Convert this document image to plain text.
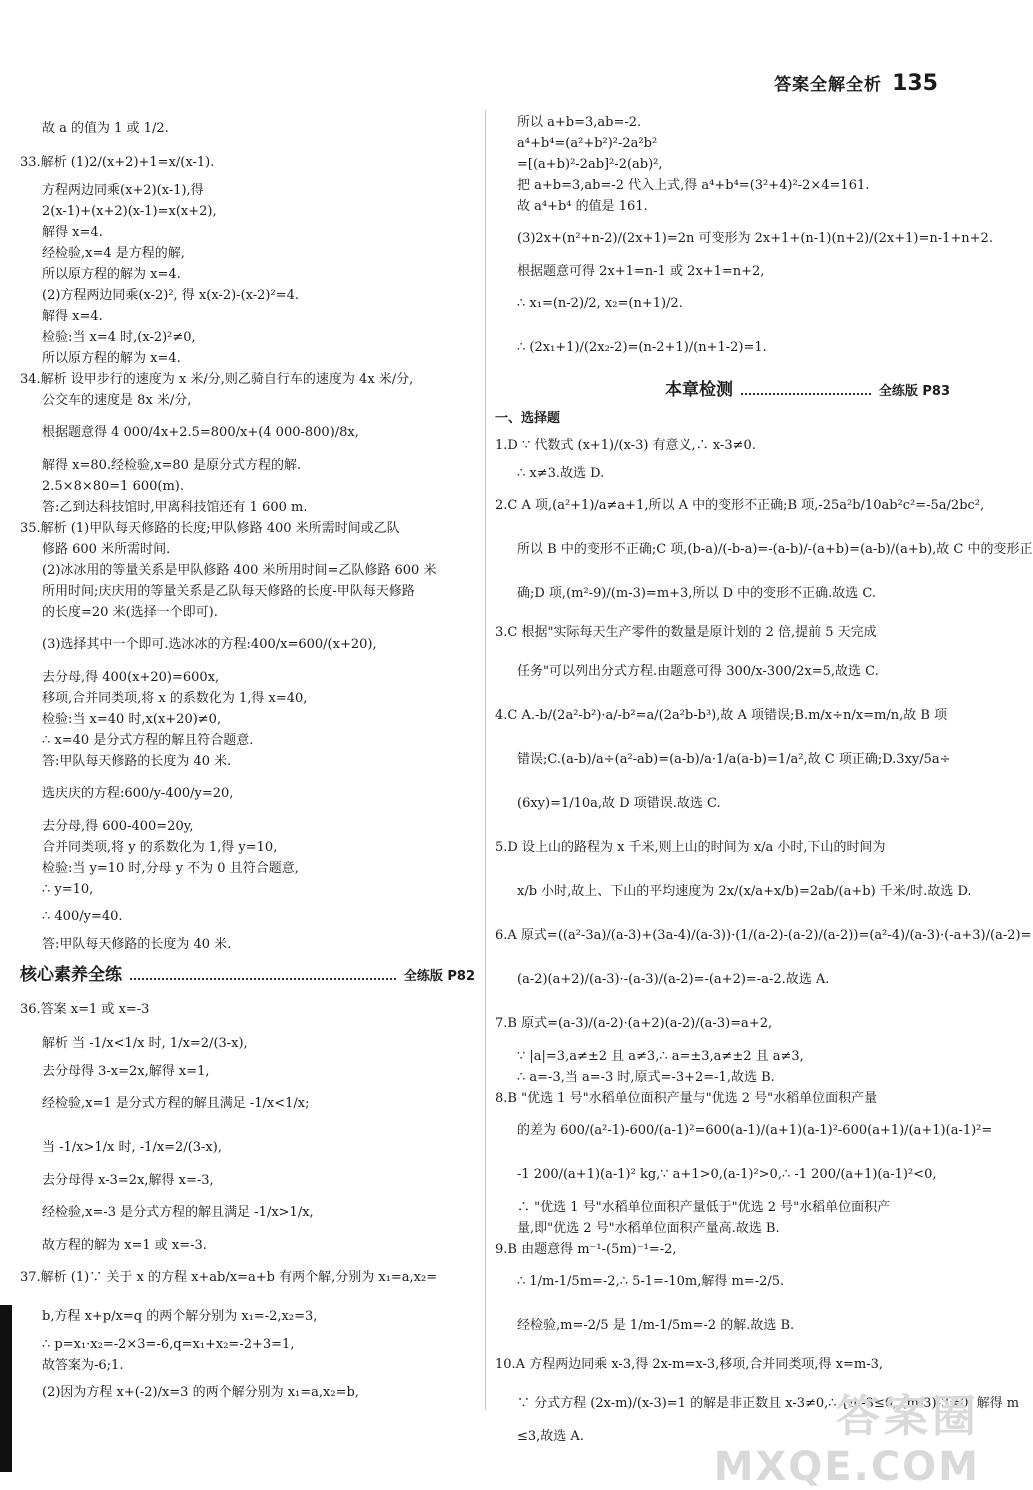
答案全解全析 135
故 a 的值为 1 或 1/2.
33.解析 (1)2/(x+2)+1=x/(x-1).
方程两边同乘(x+2)(x-1),得
2(x-1)+(x+2)(x-1)=x(x+2),
解得 x=4.
经检验,x=4 是方程的解,
所以原方程的解为 x=4.
(2)方程两边同乘(x-2)², 得 x(x-2)-(x-2)²=4.
解得 x=4.
检验:当 x=4 时,(x-2)²≠0,
所以原方程的解为 x=4.
34.解析 设甲步行的速度为 x 米/分,则乙骑自行车的速度为 4x 米/分,
公交车的速度是 8x 米/分,
根据题意得 4 000/4x+2.5=800/x+(4 000-800)/8x,
解得 x=80.经检验,x=80 是原分式方程的解.
2.5×8×80=1 600(m).
答:乙到达科技馆时,甲离科技馆还有 1 600 m.
35.解析 (1)甲队每天修路的长度;甲队修路 400 米所需时间或乙队
修路 600 米所需时间.
(2)冰冰用的等量关系是甲队修路 400 米所用时间=乙队修路 600 米
所用时间;庆庆用的等量关系是乙队每天修路的长度-甲队每天修路
的长度=20 米(选择一个即可).
(3)选择其中一个即可.选冰冰的方程:400/x=600/(x+20),
去分母,得 400(x+20)=600x,
移项,合并同类项,将 x 的系数化为 1,得 x=40,
检验:当 x=40 时,x(x+20)≠0,
∴ x=40 是分式方程的解且符合题意.
答:甲队每天修路的长度为 40 米.
选庆庆的方程:600/y-400/y=20,
去分母,得 600-400=20y,
合并同类项,将 y 的系数化为 1,得 y=10,
检验:当 y=10 时,分母 y 不为 0 且符合题意,
∴ y=10,
∴ 400/y=40.
答:甲队每天修路的长度为 40 米.
核心素养全练	全练版 P82
36.答案 x=1 或 x=-3
解析 当 -1/x<1/x 时, 1/x=2/(3-x),
去分母得 3-x=2x,解得 x=1,
经检验,x=1 是分式方程的解且满足 -1/x<1/x;
当 -1/x>1/x 时, -1/x=2/(3-x),
去分母得 x-3=2x,解得 x=-3,
经检验,x=-3 是分式方程的解且满足 -1/x>1/x,
故方程的解为 x=1 或 x=-3.
37.解析 (1)∵ 关于 x 的方程 x+ab/x=a+b 有两个解,分别为 x₁=a,x₂=
b,方程 x+p/x=q 的两个解分别为 x₁=-2,x₂=3,
∴ p=x₁·x₂=-2×3=-6,q=x₁+x₂=-2+3=1,
故答案为-6;1.
(2)因为方程 x+(-2)/x=3 的两个解分别为 x₁=a,x₂=b,
所以 a+b=3,ab=-2.
a⁴+b⁴=(a²+b²)²-2a²b²
=[(a+b)²-2ab]²-2(ab)²,
把 a+b=3,ab=-2 代入上式,得 a⁴+b⁴=(3²+4)²-2×4=161.
故 a⁴+b⁴ 的值是 161.
(3)2x+(n²+n-2)/(2x+1)=2n 可变形为 2x+1+(n-1)(n+2)/(2x+1)=n-1+n+2.
根据题意可得 2x+1=n-1 或 2x+1=n+2,
∴ x₁=(n-2)/2, x₂=(n+1)/2.
∴ (2x₁+1)/(2x₂-2)=(n-2+1)/(n+1-2)=1.
本章检测	全练版 P83
一、选择题
1.D ∵ 代数式 (x+1)/(x-3) 有意义,∴ x-3≠0.
∴ x≠3.故选 D.
2.C A 项,(a²+1)/a≠a+1,所以 A 中的变形不正确;B 项,-25a²b/10ab²c²=-5a/2bc²,
所以 B 中的变形不正确;C 项,(b-a)/(-b-a)=-(a-b)/-(a+b)=(a-b)/(a+b),故 C 中的变形正
确;D 项,(m²-9)/(m-3)=m+3,所以 D 中的变形不正确.故选 C.
3.C 根据"实际每天生产零件的数量是原计划的 2 倍,提前 5 天完成
任务"可以列出分式方程.由题意可得 300/x-300/2x=5,故选 C.
4.C A.-b/(2a²-b²)·a/-b²=a/(2a²b-b³),故 A 项错误;B.m/x÷n/x=m/n,故 B 项
错误;C.(a-b)/a÷(a²-ab)=(a-b)/a·1/a(a-b)=1/a²,故 C 项正确;D.3xy/5a÷
(6xy)=1/10a,故 D 项错误.故选 C.
5.D 设上山的路程为 x 千米,则上山的时间为 x/a 小时,下山的时间为
x/b 小时,故上、下山的平均速度为 2x/(x/a+x/b)=2ab/(a+b) 千米/时.故选 D.
6.A 原式=((a²-3a)/(a-3)+(3a-4)/(a-3))·(1/(a-2)-(a-2)/(a-2))=(a²-4)/(a-3)·(-a+3)/(a-2)=
(a-2)(a+2)/(a-3)·-(a-3)/(a-2)=-(a+2)=-a-2.故选 A.
7.B 原式=(a-3)/(a-2)·(a+2)(a-2)/(a-3)=a+2,
∵ |a|=3,a≠±2 且 a≠3,∴ a=±3,a≠±2 且 a≠3,
∴ a=-3,当 a=-3 时,原式=-3+2=-1,故选 B.
8.B "优选 1 号"水稻单位面积产量与"优选 2 号"水稻单位面积产量
的差为 600/(a²-1)-600/(a-1)²=600(a-1)/(a+1)(a-1)²-600(a+1)/(a+1)(a-1)²=
-1 200/(a+1)(a-1)² kg,∵ a+1>0,(a-1)²>0,∴ -1 200/(a+1)(a-1)²<0,
∴ "优选 1 号"水稻单位面积产量低于"优选 2 号"水稻单位面积产
量,即"优选 2 号"水稻单位面积产量高.故选 B.
9.B 由题意得 m⁻¹-(5m)⁻¹=-2,
∴ 1/m-1/5m=-2,∴ 5-1=-10m,解得 m=-2/5.
经检验,m=-2/5 是 1/m-1/5m=-2 的解.故选 B.
10.A 方程两边同乘 x-3,得 2x-m=x-3,移项,合并同类项,得 x=m-3,
∵ 分式方程 (2x-m)/(x-3)=1 的解是非正数且 x-3≠0,∴ {m-3≤0, (m-3)-3≠0, 解得 m
≤3,故选 A.	答案圈
MXQE.COM
